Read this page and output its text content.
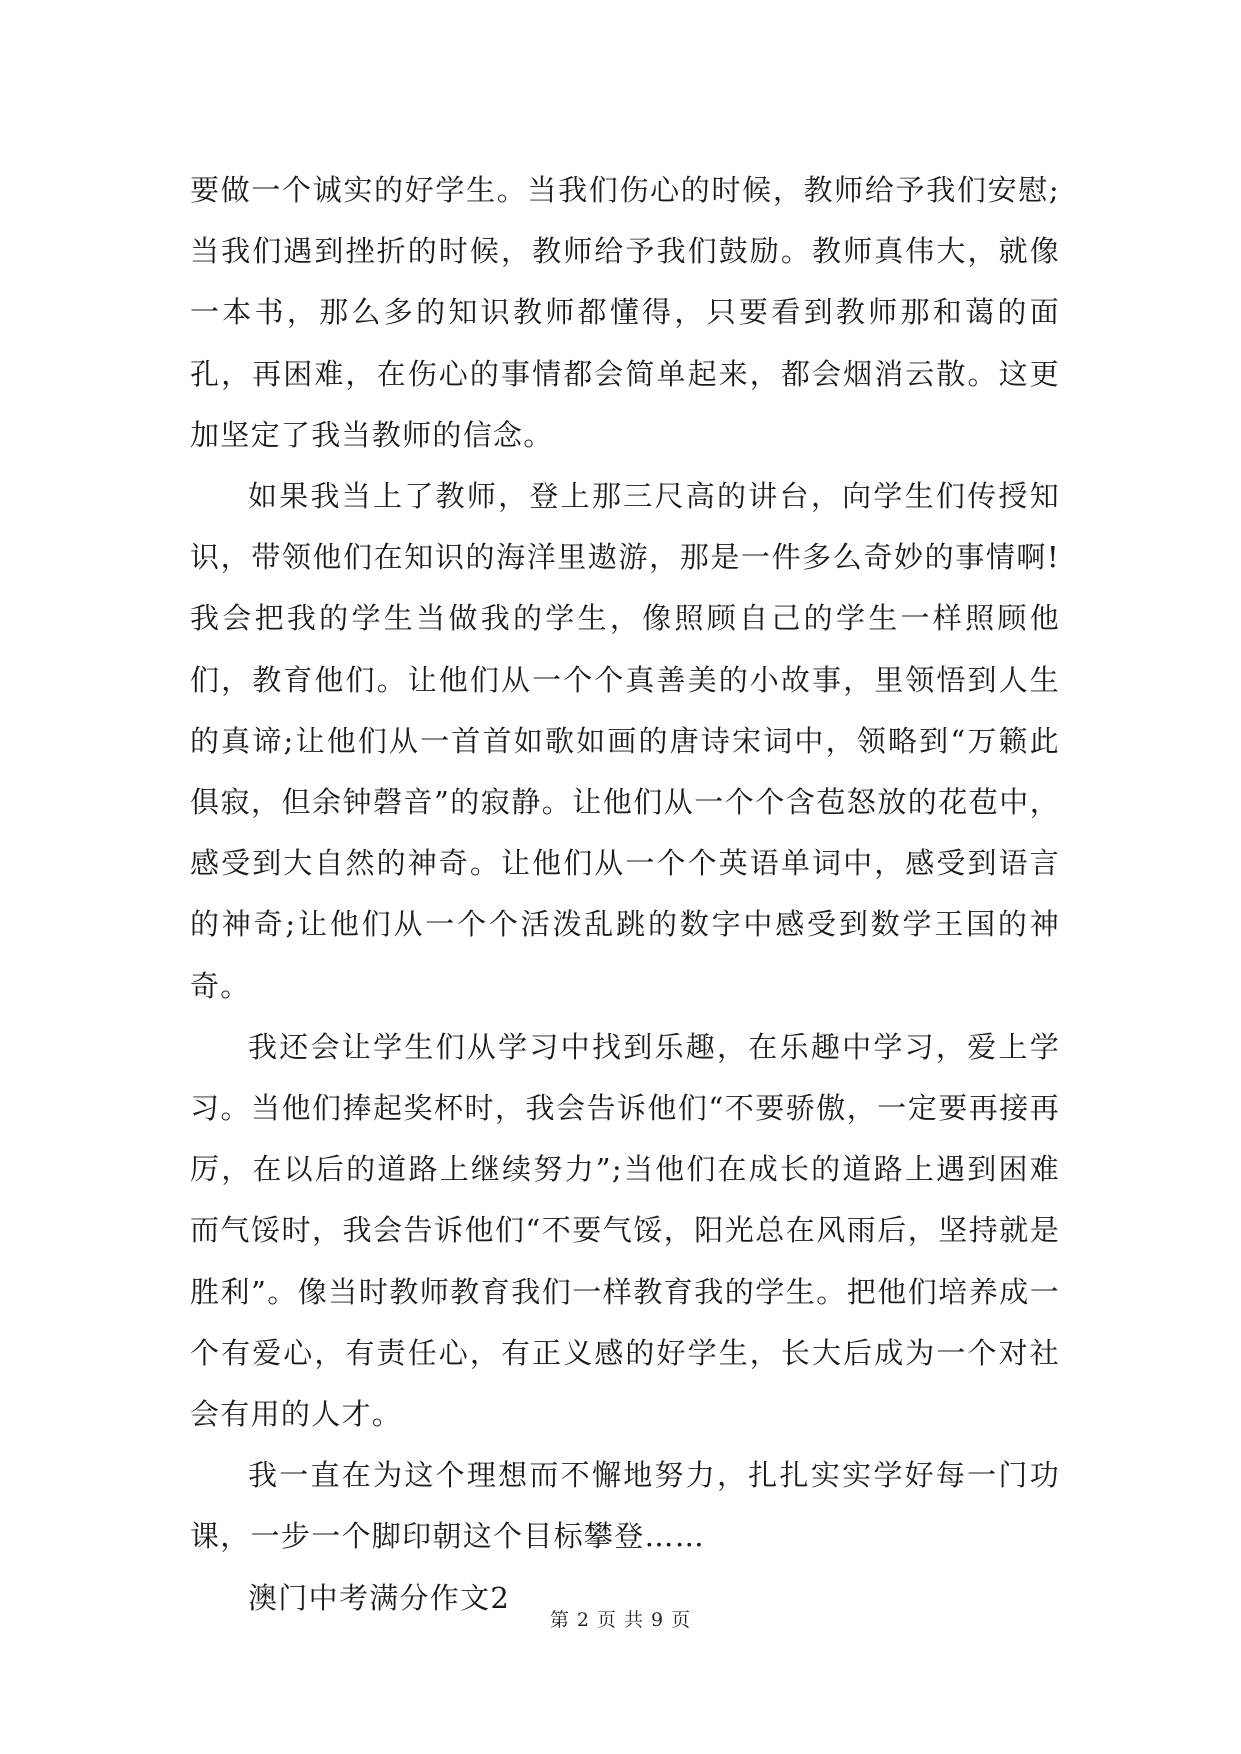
要做一个诚实的好学生。当我们伤心的时候，教师给予我们安慰;当我们遇到挫折的时候，教师给予我们鼓励。教师真伟大，就像一本书，那么多的知识教师都懂得，只要看到教师那和蔼的面孔，再困难，在伤心的事情都会简单起来，都会烟消云散。这更加坚定了我当教师的信念。

如果我当上了教师，登上那三尺高的讲台，向学生们传授知识，带领他们在知识的海洋里遨游，那是一件多么奇妙的事情啊!我会把我的学生当做我的学生，像照顾自己的学生一样照顾他们，教育他们。让他们从一个个真善美的小故事，里领悟到人生的真谛;让他们从一首首如歌如画的唐诗宋词中，领略到“万籁此俱寂，但余钟磬音”的寂静。让他们从一个个含苞怒放的花苞中，感受到大自然的神奇。让他们从一个个英语单词中，感受到语言的神奇;让他们从一个个活泼乱跳的数字中感受到数学王国的神奇。

我还会让学生们从学习中找到乐趣，在乐趣中学习，爱上学习。当他们捧起奖杯时，我会告诉他们“不要骄傲，一定要再接再厉，在以后的道路上继续努力”;当他们在成长的道路上遇到困难而气馁时，我会告诉他们“不要气馁，阳光总在风雨后，坚持就是胜利”。像当时教师教育我们一样教育我的学生。把他们培养成一个有爱心，有责任心，有正义感的好学生，长大后成为一个对社会有用的人才。

我一直在为这个理想而不懈地努力，扎扎实实学好每一门功课，一步一个脚印朝这个目标攀登……

澳门中考满分作文2

第 2 页 共 9 页
